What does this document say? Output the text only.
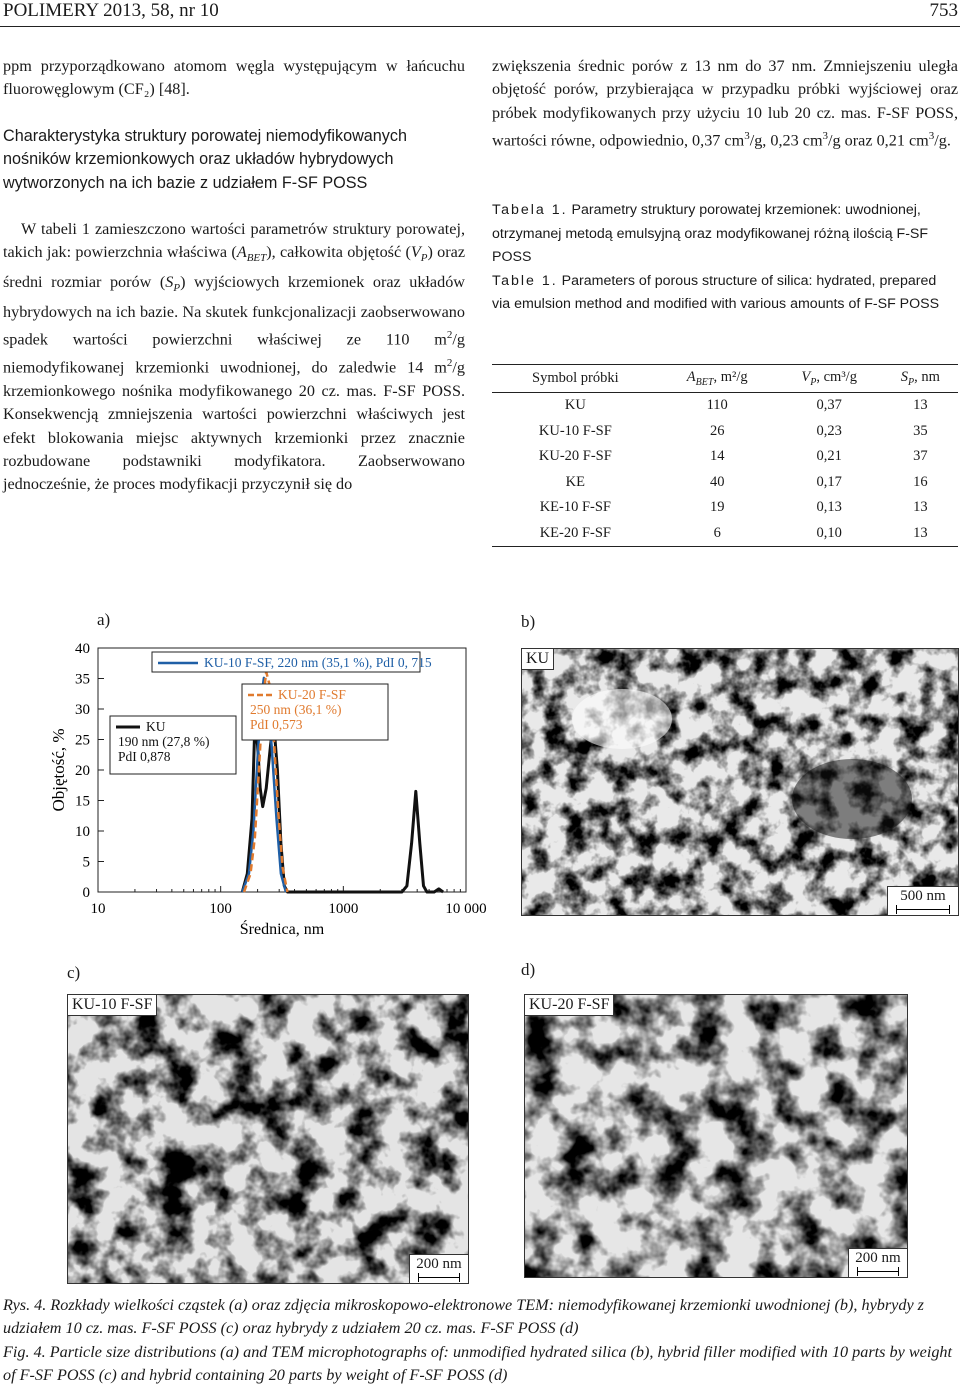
POLIMERY 2013, 58, nr 10	753

ppm przyporządkowano atomom węgla występującym w łańcuchu fluorowęglowym (CF₂) [48].

Charakterystyka struktury porowatej niemodyfikowanych nośników krzemionkowych oraz układów hybrydowych wytworzonych na ich bazie z udziałem F-SF POSS

W tabeli 1 zamieszczono wartości parametrów struktury porowatej, takich jak: powierzchnia właściwa $(A_{BET})$, całkowita objętość $(V_P)$ oraz średni rozmiar porów $(S_P)$ wyjściowych krzemionek oraz układów hybrydowych na ich bazie. Na skutek funkcjonalizacji zaobserwowano spadek wartości powierzchni właściwej ze 110 $m^2/g$ niemodyfikowanej krzemionki uwodnionej, do zaledwie 14 $m^2/g$ krzemionkowego nośnika modyfikowanego 20 cz. mas. F-SF POSS. Konsekwencją zmniejszenia wartości powierzchni właściwych jest efekt blokowania miejsc aktywnych krzemionki przez znacznie rozbudowane podstawniki modyfikatora. Zaobserwowano jednocześnie, że proces modyfikacji przyczynił się do

zwiększenia średnic porów z 13 nm do 37 nm. Zmniejszeniu uległa objętość porów, przybierająca w przypadku próbki wyjściowej oraz próbek modyfikowanych przy użyciu 10 lub 20 cz. mas. F-SF POSS, wartości równe, odpowiednio, 0,37 $cm^3/g$, 0,23 $cm^3/g$ oraz 0,21 $cm^3/g$.

Tabela 1. Parametry struktury porowatej krzemionek: uwodnionej, otrzymanej metodą emulsyjną oraz modyfikowanej różną ilością F-SF POSS
Table 1. Parameters of porous structure of silica: hydrated, prepared via emulsion method and modified with various amounts of F-SF POSS
Symbol próbki	$A_{BET}$, m²/g	$V_P$, cm³/g	$S_P$, nm
KU	110	0,37	13
KU-10 F-SF	26	0,23	35
KU-20 F-SF	14	0,21	37
KE	40	0,17	16
KE-10 F-SF	19	0,13	13
KE-20 F-SF	6	0,10	13
a)	b)
c)	d)
0
5
10
15
20
25
30
35
40
10	100	1000	10 000
KU-10 F-SF, 220 nm (35,1 %), PdI 0, 715
KU-20 F-SF
250 nm (36,1 %)
PdI 0,573
KU
190 nm (27,8 %)
PdI 0,878
Objętość, %
Średnica, nm
KU
500 nm
KU-10 F-SF
200 nm
KU-20 F-SF
200 nm

Rys. 4. Rozkłady wielkości cząstek (a) oraz zdjęcia mikroskopowo-elektronowe TEM: niemodyfikowanej krzemionki uwodnionej (b), hybrydy z udziałem 10 cz. mas. F-SF POSS (c) oraz hybrydy z udziałem 20 cz. mas. F-SF POSS (d)

Fig. 4. Particle size distributions (a) and TEM microphotographs of: unmodified hydrated silica (b), hybrid filler modified with 10 parts by weight of F-SF POSS (c) and hybrid containing 20 parts by weight of F-SF POSS (d)
